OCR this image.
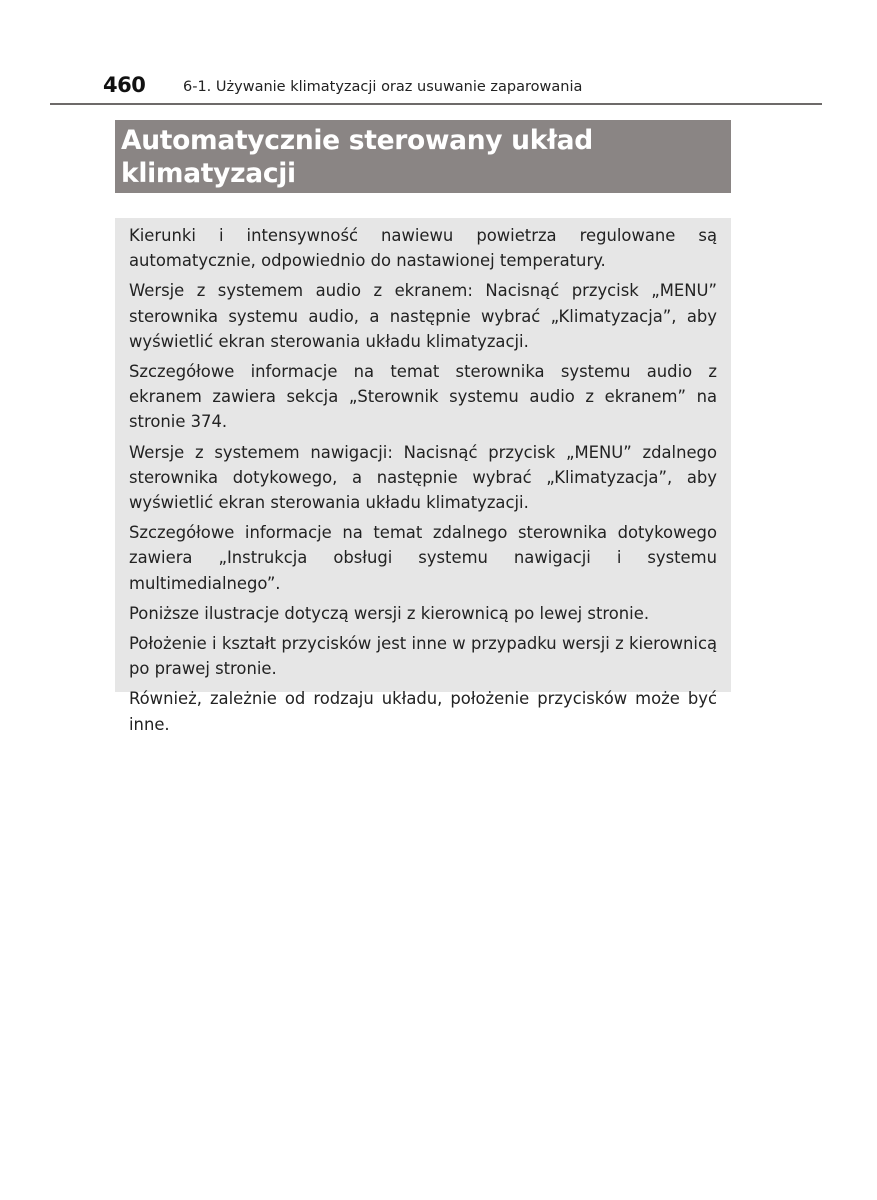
460	6-1. Używanie klimatyzacji oraz usuwanie zaparowania
Automatycznie sterowany układ
klimatyzacji

Kierunki i intensywność nawiewu powietrza regulowane są automatycznie, odpowiednio do nastawionej temperatury.

Wersje z systemem audio z ekranem: Nacisnąć przycisk „MENU” sterownika systemu audio, a następnie wybrać „Klimatyzacja”, aby wyświetlić ekran sterowania układu klimatyzacji.

Szczegółowe informacje na temat sterownika systemu audio z ekranem zawiera sekcja „Sterownik systemu audio z ekranem” na stronie 374.

Wersje z systemem nawigacji: Nacisnąć przycisk „MENU” zdalnego sterownika dotykowego, a następnie wybrać „Klimatyzacja”, aby wyświetlić ekran sterowania układu klimatyzacji.

Szczegółowe informacje na temat zdalnego sterownika dotykowego zawiera „Instrukcja obsługi systemu nawigacji i systemu multimedialnego”.

Poniższe ilustracje dotyczą wersji z kierownicą po lewej stronie.

Położenie i kształt przycisków jest inne w przypadku wersji z kierownicą po prawej stronie.

Również, zależnie od rodzaju układu, położenie przycisków może być inne.
